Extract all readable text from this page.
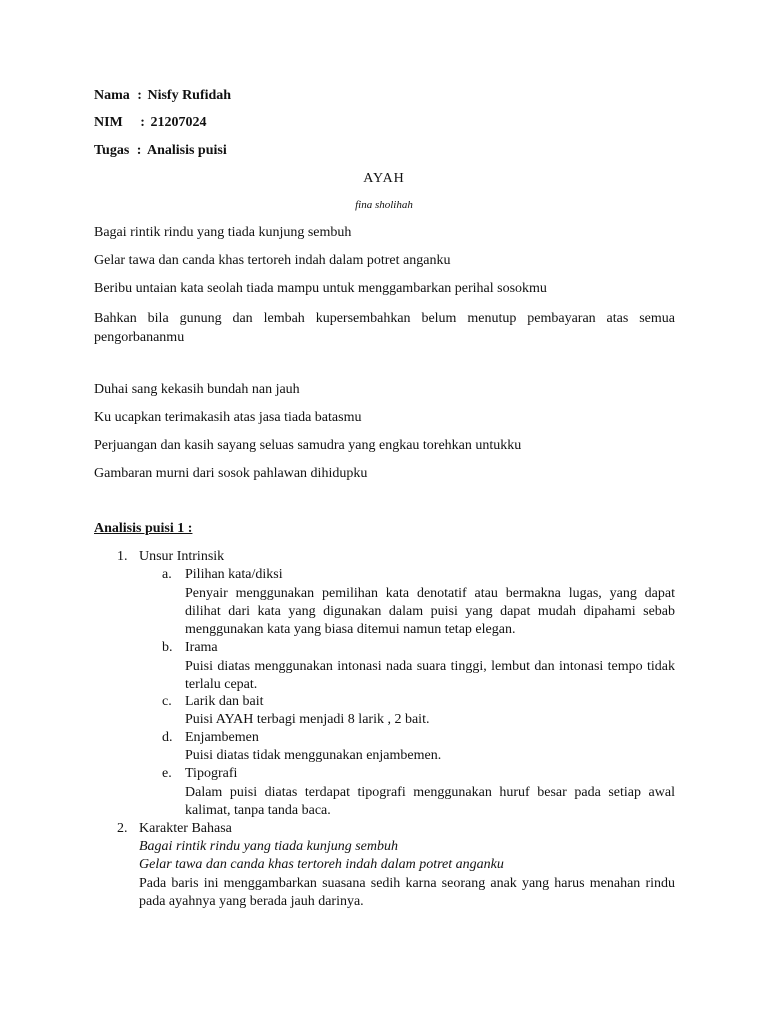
Nama : Nisfy Rufidah
NIM : 21207024
Tugas : Analisis puisi
AYAH
fina sholihah
Bagai rintik rindu yang tiada kunjung sembuh
Gelar tawa dan canda khas tertoreh indah dalam potret anganku
Beribu untaian kata seolah tiada mampu untuk menggambarkan perihal sosokmu
Bahkan bila gunung dan lembah kupersembahkan belum menutup pembayaran atas semua pengorbananmu
Duhai sang kekasih bundah nan jauh
Ku ucapkan terimakasih atas jasa tiada batasmu
Perjuangan dan kasih sayang seluas samudra yang engkau torehkan untukku
Gambaran murni dari sosok pahlawan dihidupku
Analisis puisi 1 :
1. Unsur Intrinsik
a. Pilihan kata/diksi
Penyair menggunakan pemilihan kata denotatif atau bermakna lugas, yang dapat dilihat dari kata yang digunakan dalam puisi yang dapat mudah dipahami sebab menggunakan kata yang biasa ditemui namun tetap elegan.
b. Irama
Puisi diatas menggunakan intonasi nada suara tinggi, lembut dan intonasi tempo tidak terlalu cepat.
c. Larik dan bait
Puisi AYAH terbagi menjadi 8 larik , 2 bait.
d. Enjambemen
Puisi diatas tidak menggunakan enjambemen.
e. Tipografi
Dalam puisi diatas terdapat tipografi menggunakan huruf besar pada setiap awal kalimat, tanpa tanda baca.
2. Karakter Bahasa
Bagai rintik rindu yang tiada kunjung sembuh
Gelar tawa dan canda khas tertoreh indah dalam potret anganku
Pada baris ini menggambarkan suasana sedih karna seorang anak yang harus menahan rindu pada ayahnya yang berada jauh darinya.
